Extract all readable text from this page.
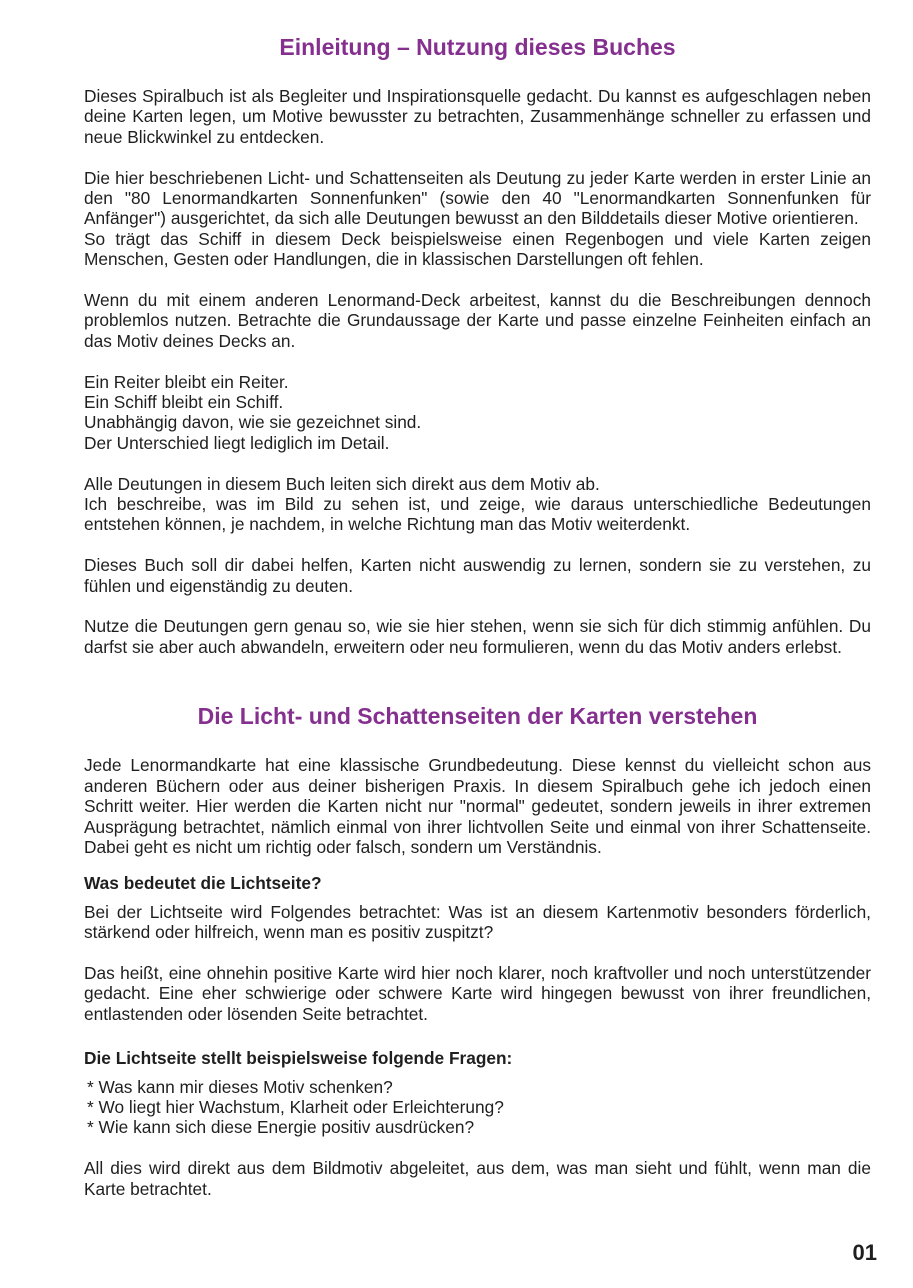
Einleitung – Nutzung dieses Buches

Dieses Spiralbuch ist als Begleiter und Inspirationsquelle gedacht. Du kannst es aufgeschlagen neben deine Karten legen, um Motive bewusster zu betrachten, Zusammenhänge schneller zu erfassen und neue Blickwinkel zu entdecken.

Die hier beschriebenen Licht- und Schattenseiten als Deutung zu jeder Karte werden in erster Linie an den "80 Lenormandkarten Sonnenfunken" (sowie den 40 "Lenormandkarten Sonnenfunken für Anfänger") ausgerichtet, da sich alle Deutungen bewusst an den Bilddetails dieser Motive orientieren.

So trägt das Schiff in diesem Deck beispielsweise einen Regenbogen und viele Karten zeigen Menschen, Gesten oder Handlungen, die in klassischen Darstellungen oft fehlen.

Wenn du mit einem anderen Lenormand-Deck arbeitest, kannst du die Beschreibungen dennoch problemlos nutzen. Betrachte die Grundaussage der Karte und passe einzelne Feinheiten einfach an das Motiv deines Decks an.

Ein Reiter bleibt ein Reiter.

Ein Schiff bleibt ein Schiff.

Unabhängig davon, wie sie gezeichnet sind.

Der Unterschied liegt lediglich im Detail.

Alle Deutungen in diesem Buch leiten sich direkt aus dem Motiv ab.

Ich beschreibe, was im Bild zu sehen ist, und zeige, wie daraus unterschiedliche Bedeutungen entstehen können, je nachdem, in welche Richtung man das Motiv weiterdenkt.

Dieses Buch soll dir dabei helfen, Karten nicht auswendig zu lernen, sondern sie zu verstehen, zu fühlen und eigenständig zu deuten.

Nutze die Deutungen gern genau so, wie sie hier stehen, wenn sie sich für dich stimmig anfühlen. Du darfst sie aber auch abwandeln, erweitern oder neu formulieren, wenn du das Motiv anders erlebst.

Die Licht- und Schattenseiten der Karten verstehen

Jede Lenormandkarte hat eine klassische Grundbedeutung. Diese kennst du vielleicht schon aus anderen Büchern oder aus deiner bisherigen Praxis. In diesem Spiralbuch gehe ich jedoch einen Schritt weiter. Hier werden die Karten nicht nur "normal" gedeutet, sondern jeweils in ihrer extremen Ausprägung betrachtet, nämlich einmal von ihrer lichtvollen Seite und einmal von ihrer Schattenseite. Dabei geht es nicht um richtig oder falsch, sondern um Verständnis.

Was bedeutet die Lichtseite?

Bei der Lichtseite wird Folgendes betrachtet: Was ist an diesem Kartenmotiv besonders förderlich, stärkend oder hilfreich, wenn man es positiv zuspitzt?

Das heißt, eine ohnehin positive Karte wird hier noch klarer, noch kraftvoller und noch unterstützender gedacht. Eine eher schwierige oder schwere Karte wird hingegen bewusst von ihrer freundlichen, entlastenden oder lösenden Seite betrachtet.

Die Lichtseite stellt beispielsweise folgende Fragen:

* Was kann mir dieses Motiv schenken?
* Wo liegt hier Wachstum, Klarheit oder Erleichterung?
* Wie kann sich diese Energie positiv ausdrücken?

All dies wird direkt aus dem Bildmotiv abgeleitet, aus dem, was man sieht und fühlt, wenn man die Karte betrachtet.

01
